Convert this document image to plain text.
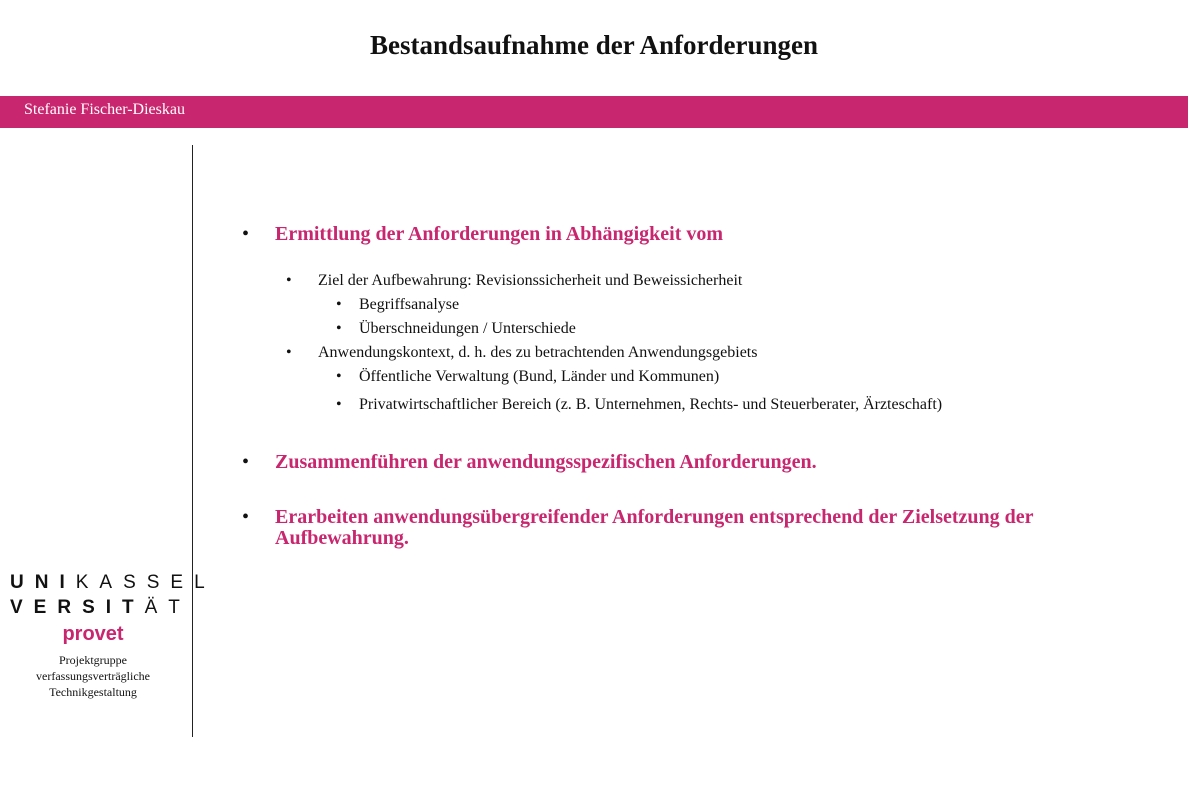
Bestandsaufnahme der Anforderungen
Stefanie Fischer-Dieskau
UNIKASSEL
VERSITÄT
provet
Projektgruppe
verfassungsverträgliche
Technikgestaltung
• Ermittlung der Anforderungen in Abhängigkeit vom
• Ziel der Aufbewahrung: Revisionssicherheit und Beweissicherheit
• Begriffsanalyse
• Überschneidungen / Unterschiede
• Anwendungskontext, d. h. des zu betrachtenden Anwendungsgebiets
• Öffentliche Verwaltung (Bund, Länder und Kommunen)
• Privatwirtschaftlicher Bereich (z. B. Unternehmen, Rechts- und Steuerberater, Ärzteschaft)
• Zusammenführen der anwendungsspezifischen Anforderungen.
• Erarbeiten anwendungsübergreifender Anforderungen entsprechend der Zielsetzung der Aufbewahrung.
